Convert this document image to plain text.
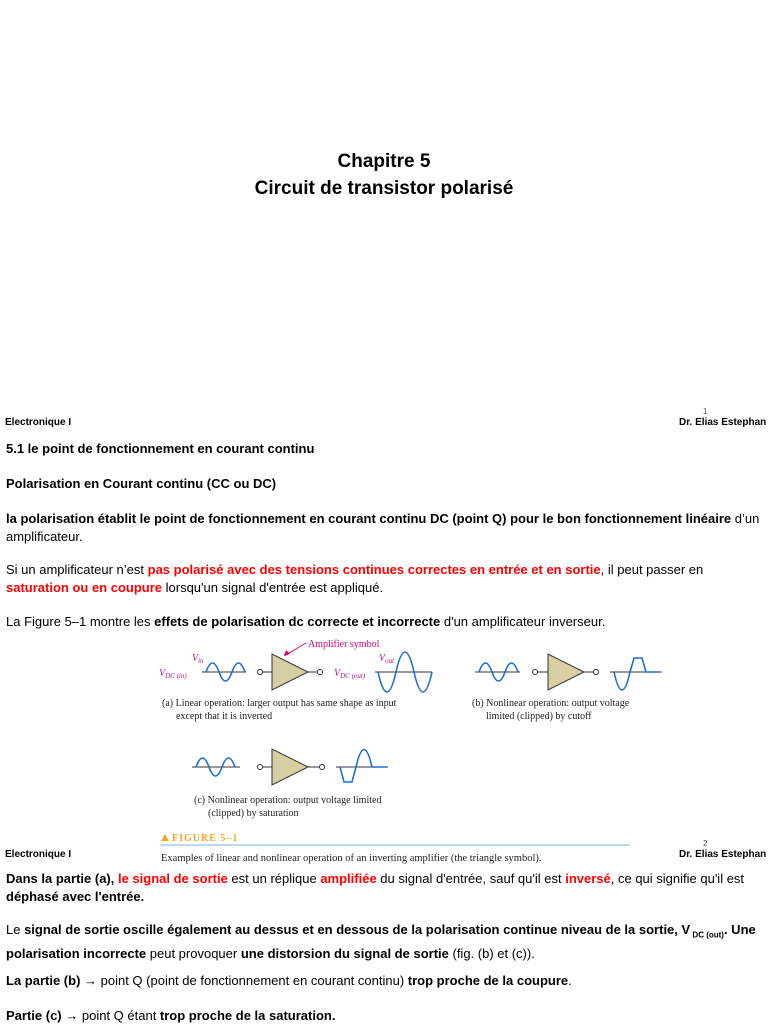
Chapitre 5
Circuit de transistor polarisé
Electronique I
1
Dr. Elias Estephan
5.1 le point de fonctionnement en courant continu
Polarisation en Courant continu (CC ou DC)
la polarisation établit le point de fonctionnement en courant continu DC (point Q) pour le bon fonctionnement linéaire d’un amplificateur.
Si un amplificateur n’est pas polarisé avec des tensions continues correctes en entrée et en sortie, il peut passer en saturation ou en coupure lorsqu'un signal d'entrée est appliqué.
La Figure 5–1 montre les effets de polarisation dc correcte et incorrecte d'un amplificateur inverseur.
Amplifier symbol
$V_{DC (in)}$
$V_{in}$
$V_{DC (out)}$
$V_{out}$
(a) Linear operation: larger output has same shape as input
except that it is inverted
(b) Nonlinear operation: output voltage
limited (clipped) by cutoff
(c) Nonlinear operation: output voltage limited
(clipped) by saturation
FIGURE 5–1
Examples of linear and nonlinear operation of an inverting amplifier (the triangle symbol).
Electronique I
2
Dr. Elias Estephan
Dans la partie (a), le signal de sortie est un réplique amplifiée du signal d'entrée, sauf qu'il est inversé, ce qui signifie qu'il est déphasé avec l'entrée.
Le signal de sortie oscille également au dessus et en dessous de la polarisation continue niveau de la sortie, V $_{DC (out)}$. Une polarisation incorrecte peut provoquer une distorsion du signal de sortie (fig. (b) et (c)).
La partie (b) → point Q (point de fonctionnement en courant continu) trop proche de la coupure.
Partie (c) → point Q étant trop proche de la saturation.
